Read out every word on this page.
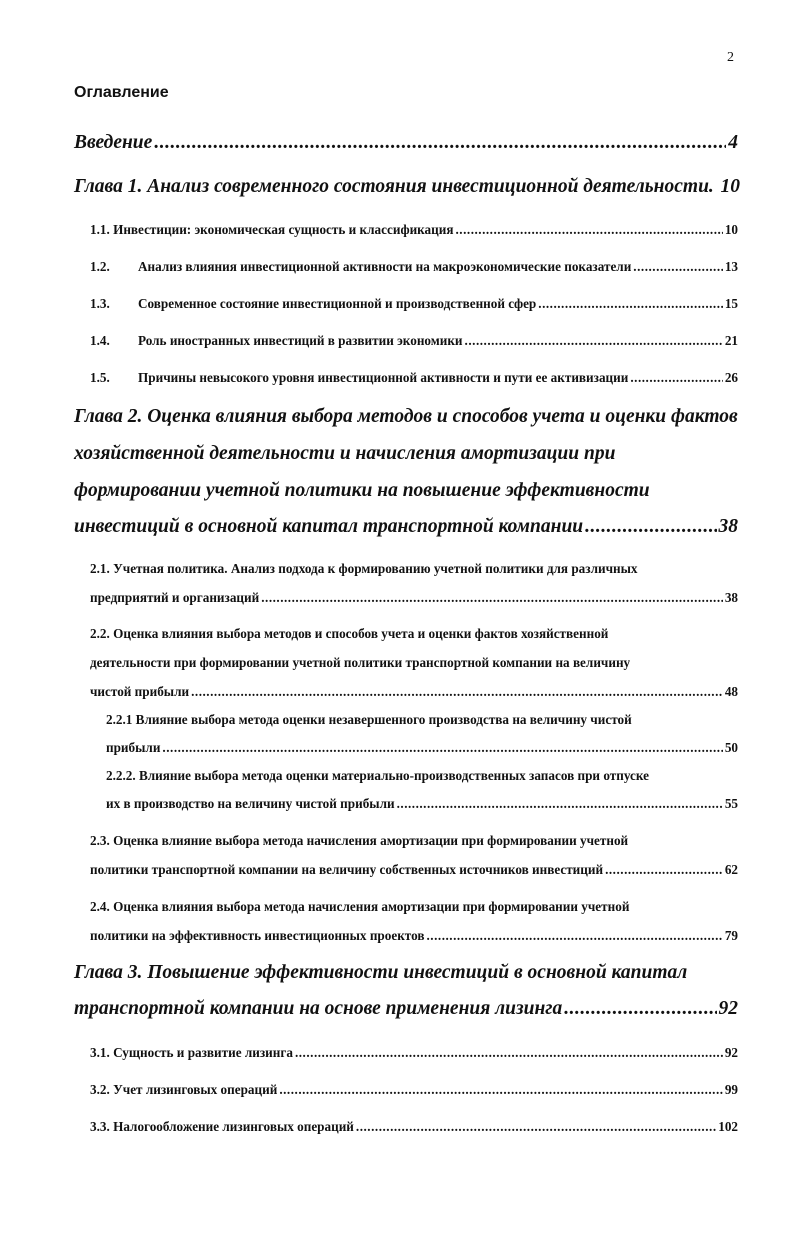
2
Оглавление
Введение .....	4
Глава 1. Анализ современного состояния инвестиционной деятельности. 10
1.1. Инвестиции: экономическая сущность и классификация .....	10
1.2.	Анализ влияния инвестиционной активности на макроэкономические показатели .....	13
1.3.	Современное состояние инвестиционной и производственной сфер .....	15
1.4.	Роль иностранных инвестиций в развитии экономики .....	21
1.5.	Причины невысокого уровня инвестиционной активности и пути ее активизации .....	26
Глава 2. Оценка влияния выбора методов и способов учета и оценки фактов
хозяйственной деятельности и начисления амортизации при
формировании учетной политики на повышение эффективности
инвестиций в основной капитал транспортной компании .....	38
2.1. Учетная политика. Анализ подхода к формированию учетной политики для различных
предприятий и организаций .....	38
2.2. Оценка влияния выбора методов и способов учета и оценки фактов хозяйственной
деятельности при формировании учетной политики транспортной компании на величину
чистой прибыли .....	48
2.2.1 Влияние выбора метода оценки незавершенного производства на величину чистой
прибыли .....	50
2.2.2. Влияние выбора метода оценки материально-производственных запасов при отпуске
их в производство на величину чистой прибыли .....	55
2.3. Оценка влияние выбора метода начисления амортизации при формировании учетной
политики транспортной компании на величину собственных источников инвестиций .....	62
2.4. Оценка влияния выбора метода начисления амортизации при формировании учетной
политики на эффективность инвестиционных проектов .....	79
Глава 3. Повышение эффективности инвестиций в основной капитал
транспортной компании на основе применения лизинга .....	92
3.1. Сущность и развитие лизинга .....	92
3.2. Учет лизинговых операций .....	99
3.3. Налогообложение лизинговых операций .....	102
